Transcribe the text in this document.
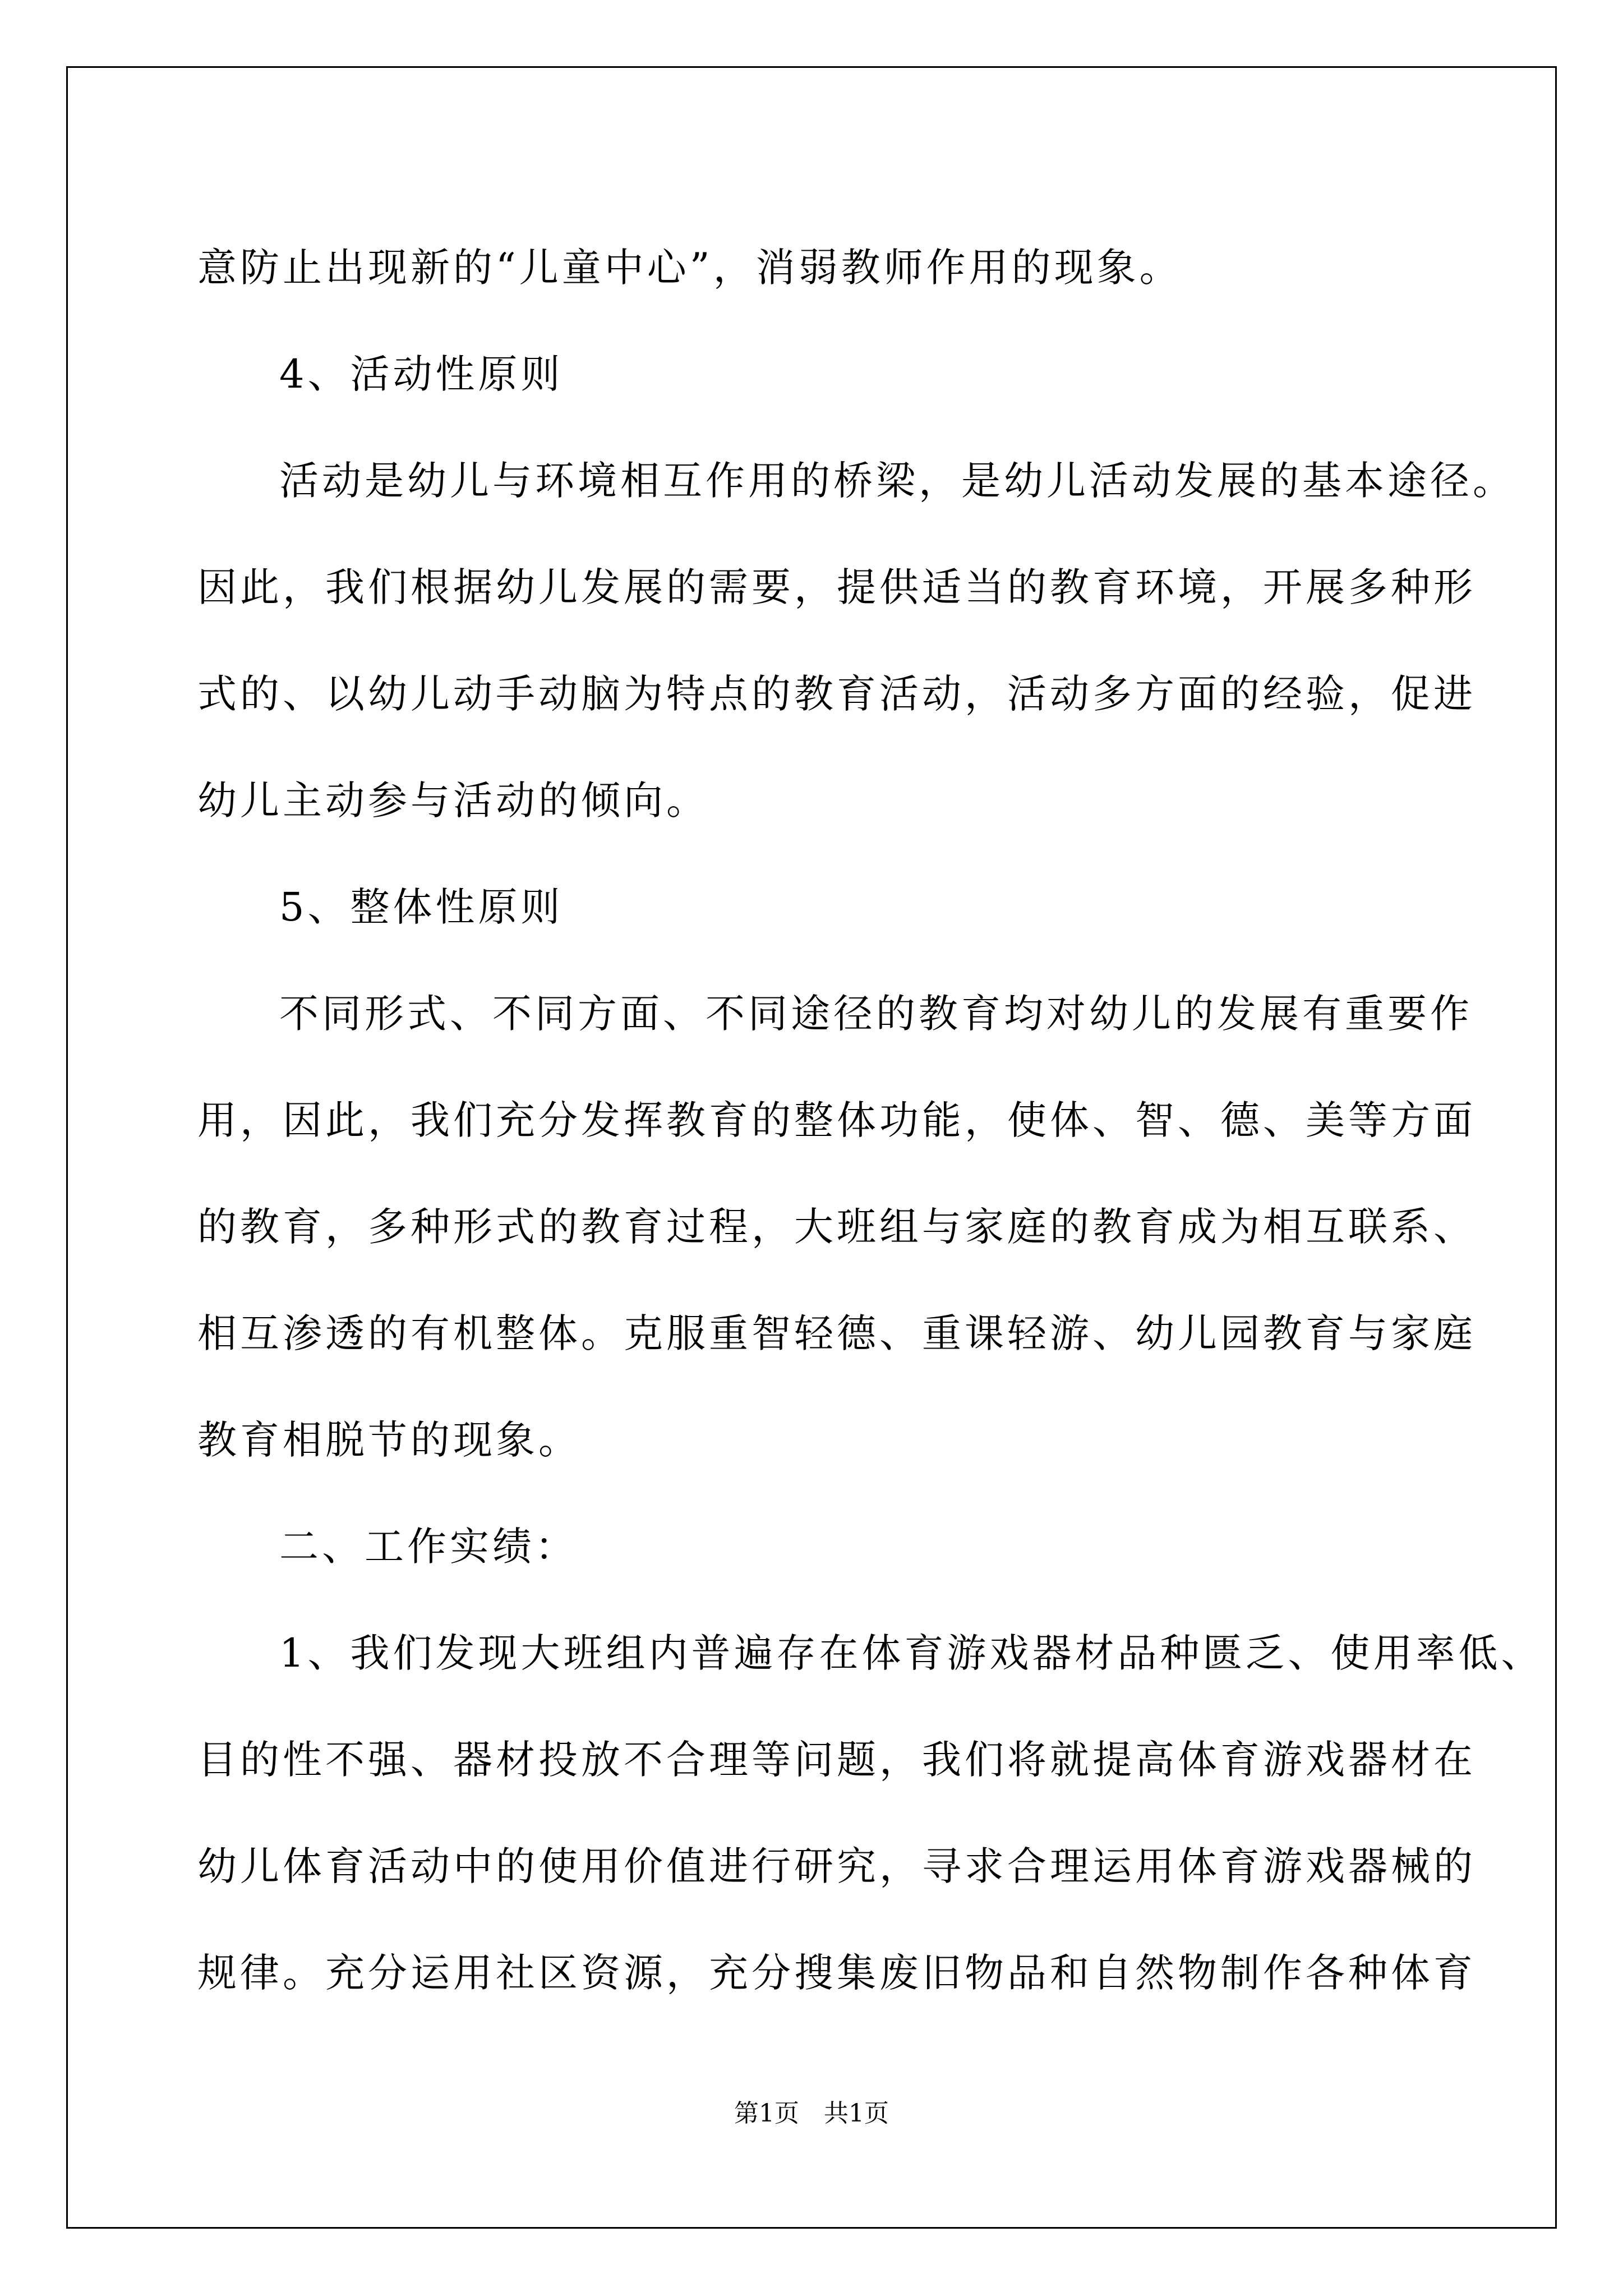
意防止出现新的“儿童中心”，消弱教师作用的现象。

4、活动性原则

活动是幼儿与环境相互作用的桥梁，是幼儿活动发展的基本途径。

因此，我们根据幼儿发展的需要，提供适当的教育环境，开展多种形

式的、以幼儿动手动脑为特点的教育活动，活动多方面的经验，促进

幼儿主动参与活动的倾向。

5、整体性原则

不同形式、不同方面、不同途径的教育均对幼儿的发展有重要作

用，因此，我们充分发挥教育的整体功能，使体、智、德、美等方面

的教育，多种形式的教育过程，大班组与家庭的教育成为相互联系、

相互渗透的有机整体。克服重智轻德、重课轻游、幼儿园教育与家庭

教育相脱节的现象。

二、工作实绩：

1、我们发现大班组内普遍存在体育游戏器材品种匮乏、使用率低、

目的性不强、器材投放不合理等问题，我们将就提高体育游戏器材在

幼儿体育活动中的使用价值进行研究，寻求合理运用体育游戏器械的

规律。充分运用社区资源，充分搜集废旧物品和自然物制作各种体育

第1页　共1页
